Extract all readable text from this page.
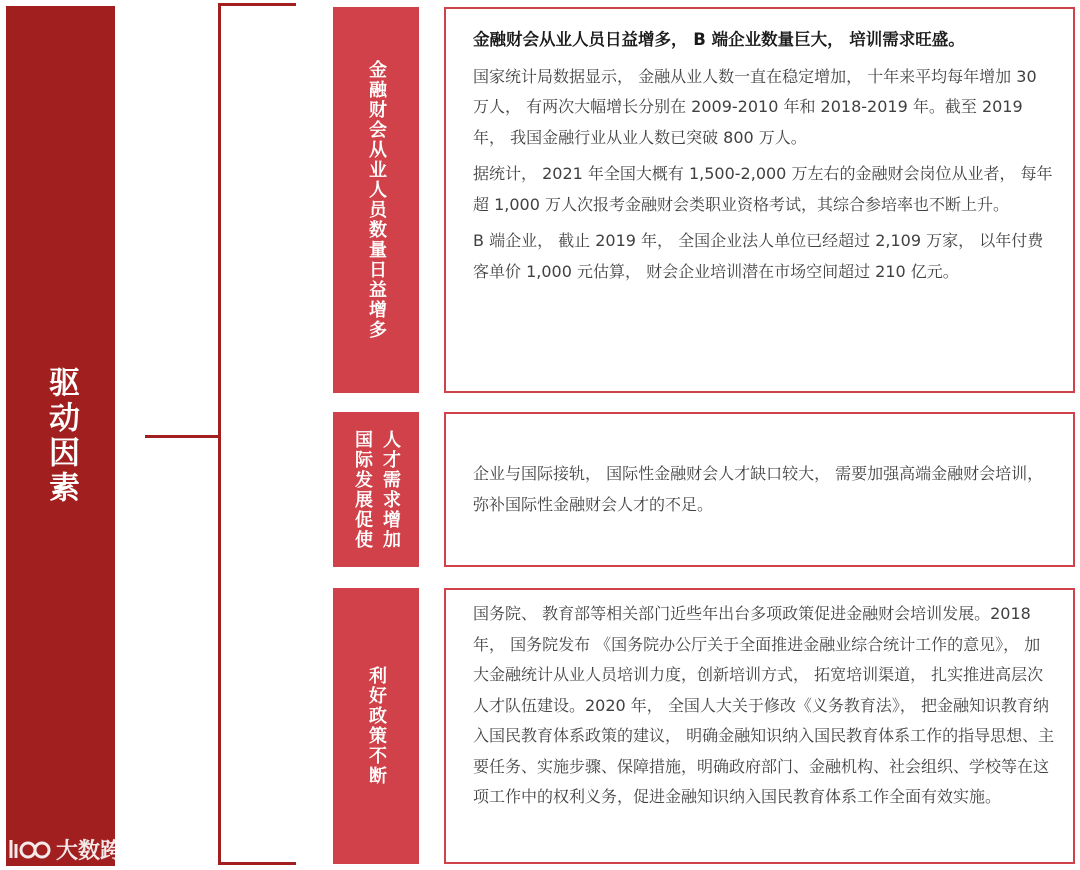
驱动因素
金融财会从业人员数量日益增多

金融财会从业人员日益增多， B 端企业数量巨大， 培训需求旺盛。

国家统计局数据显示， 金融从业人数一直在稳定增加， 十年来平均每年增加 30 万人， 有两次大幅增长分别在 2009-2010 年和 2018-2019 年。截至 2019 年， 我国金融行业从业人数已突破 800 万人。

据统计， 2021 年全国大概有 1,500-2,000 万左右的金融财会岗位从业者， 每年超 1,000 万人次报考金融财会类职业资格考试，其综合参培率也不断上升。

B 端企业， 截止 2019 年， 全国企业法人单位已经超过 2,109 万家， 以年付费客单价 1,000 元估算， 财会企业培训潜在市场空间超过 210 亿元。

人才需求增加国际发展促使	企业与国际接轨， 国际性金融财会人才缺口较大， 需要加强高端金融财会培训，弥补国际性金融财会人才的不足。

利好政策不断

国务院、 教育部等相关部门近些年出台多项政策促进金融财会培训发展。2018 年， 国务院发布 《国务院办公厅关于全面推进金融业综合统计工作的意见》， 加大金融统计从业人员培训力度，创新培训方式， 拓宽培训渠道， 扎实推进高层次人才队伍建设。2020 年， 全国人大关于修改《义务教育法》， 把金融知识教育纳入国民教育体系政策的建议， 明确金融知识纳入国民教育体系工作的指导思想、主要任务、实施步骤、保障措施，明确政府部门、金融机构、社会组织、学校等在这项工作中的权利义务，促进金融知识纳入国民教育体系工作全面有效实施。

大数跨境
